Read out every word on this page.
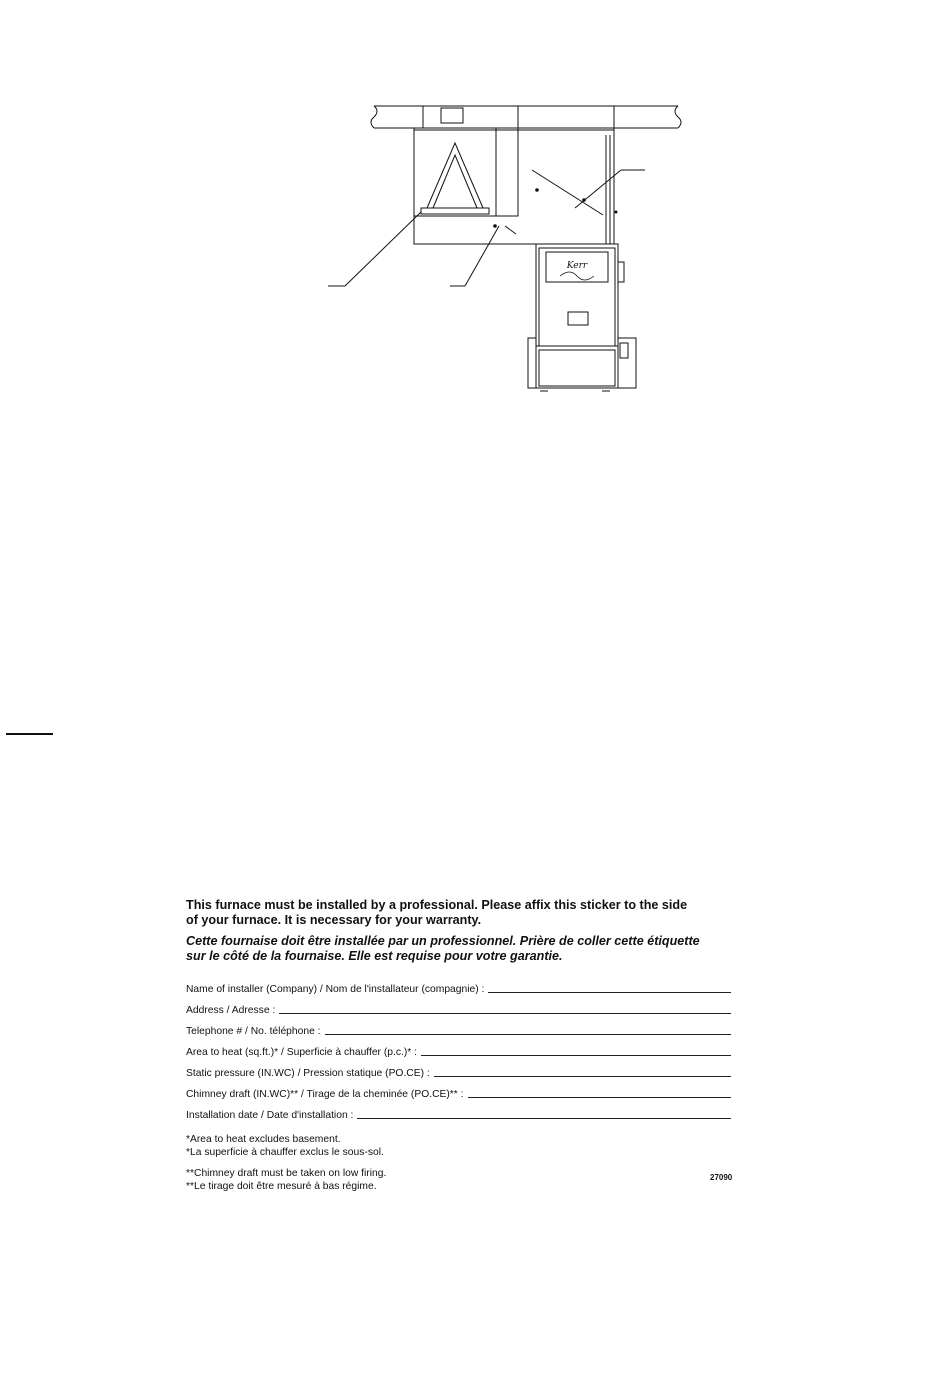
Kerr
This furnace must be installed by a professional. Please affix this sticker to the side
of your furnace. It is necessary for your warranty.
Cette fournaise doit être installée par un professionnel. Prière de coller cette étiquette
sur le côté de la fournaise. Elle est requise pour votre garantie.
Name of installer (Company) / Nom de l'installateur (compagnie) :
Address / Adresse :
Telephone # / No. téléphone :
Area to heat (sq.ft.)* / Superficie à chauffer (p.c.)* :
Static pressure (IN.WC) / Pression statique (PO.CE) :
Chimney draft (IN.WC)** / Tirage de la cheminée (PO.CE)** :
Installation date / Date d'installation :
*Area to heat excludes basement.
*La superficie à chauffer exclus le sous-sol.
**Chimney draft must be taken on low firing.
**Le tirage doit être mesuré à bas régime.
27090
